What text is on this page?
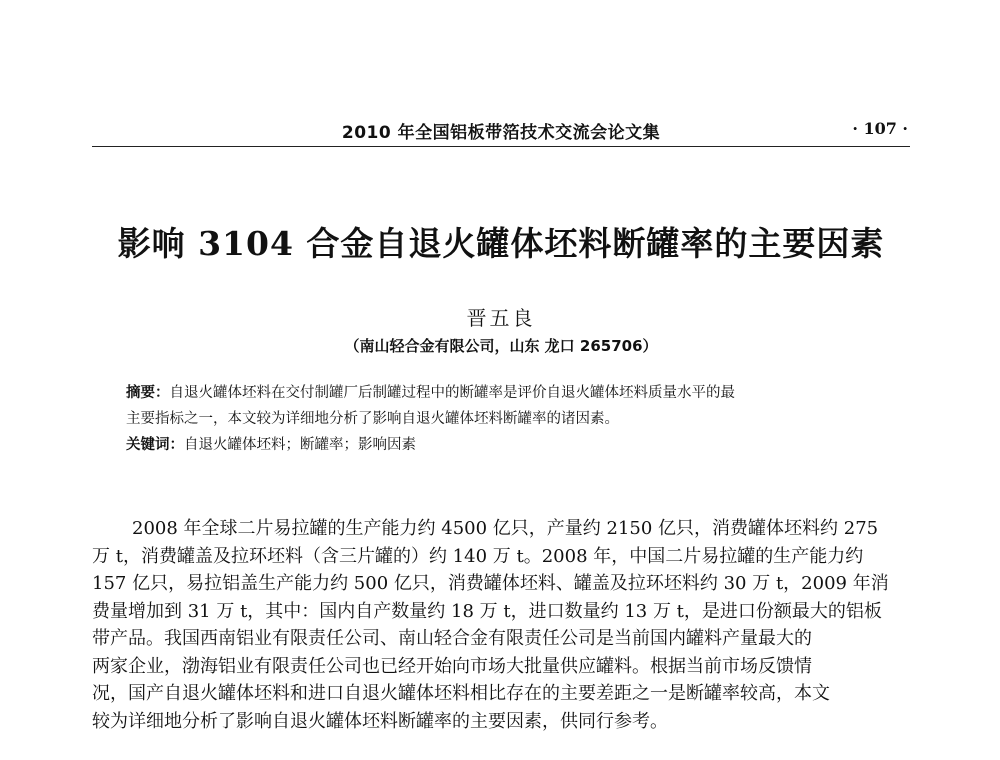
2010 年全国铝板带箔技术交流会论文集	· 107 ·
影响 3104 合金自退火罐体坯料断罐率的主要因素
晋五良
（南山轻合金有限公司，山东 龙口 265706）
摘要：自退火罐体坯料在交付制罐厂后制罐过程中的断罐率是评价自退火罐体坯料质量水平的最
主要指标之一，本文较为详细地分析了影响自退火罐体坯料断罐率的诸因素。
关键词：自退火罐体坯料；断罐率；影响因素
2008 年全球二片易拉罐的生产能力约 4500 亿只，产量约 2150 亿只，消费罐体坯料约 275
万 t，消费罐盖及拉环坯料（含三片罐的）约 140 万 t。2008 年，中国二片易拉罐的生产能力约
157 亿只，易拉铝盖生产能力约 500 亿只，消费罐体坯料、罐盖及拉环坯料约 30 万 t，2009 年消
费量增加到 31 万 t，其中：国内自产数量约 18 万 t，进口数量约 13 万 t，是进口份额最大的铝板
带产品。我国西南铝业有限责任公司、南山轻合金有限责任公司是当前国内罐料产量最大的
两家企业，渤海铝业有限责任公司也已经开始向市场大批量供应罐料。根据当前市场反馈情
况，国产自退火罐体坯料和进口自退火罐体坯料相比存在的主要差距之一是断罐率较高，本文
较为详细地分析了影响自退火罐体坯料断罐率的主要因素，供同行参考。
